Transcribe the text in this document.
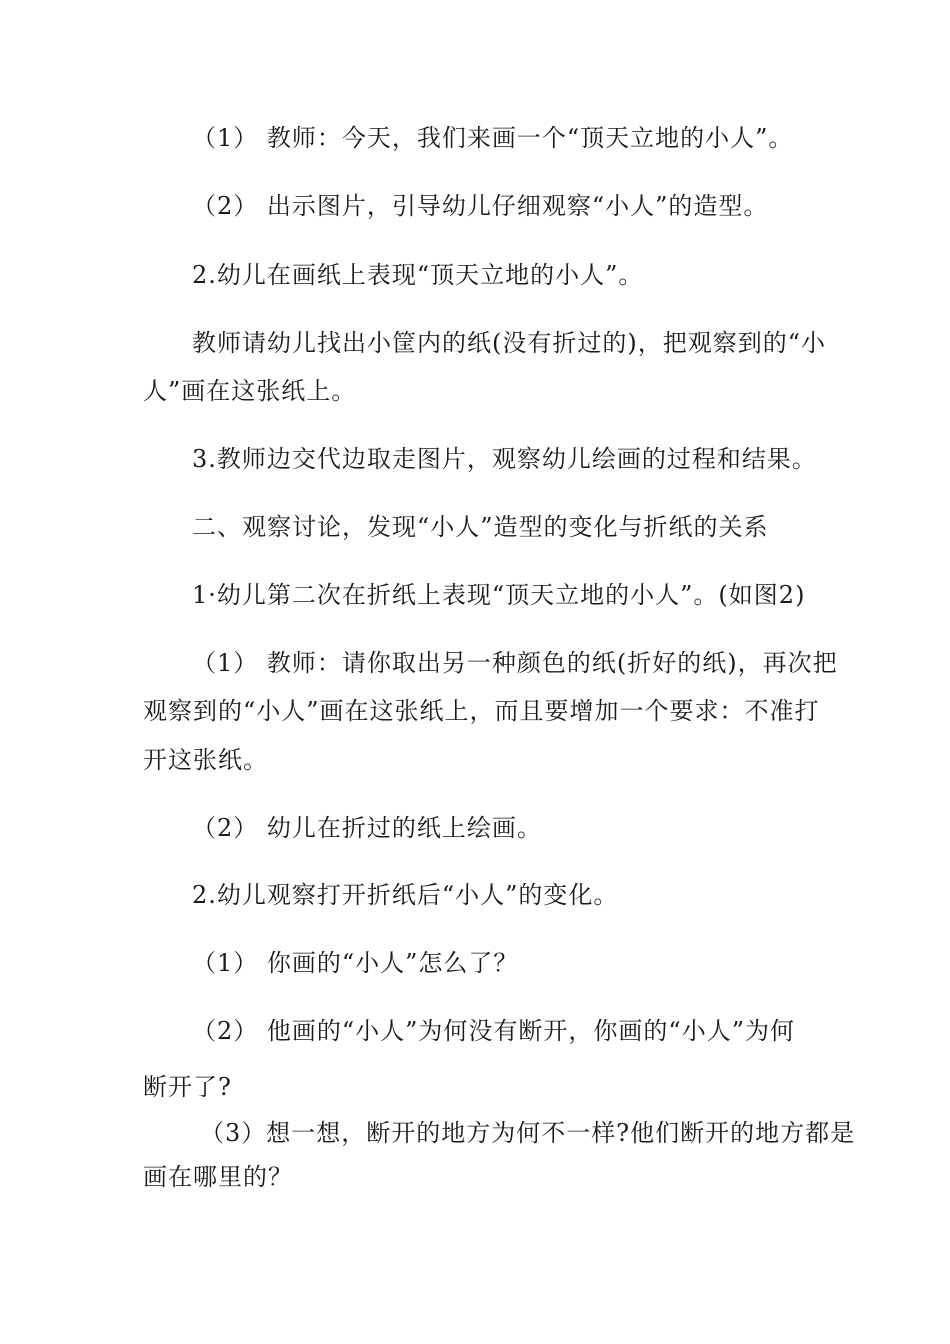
（1） 教师：今天，我们来画一个“顶天立地的小人”。
（2） 出示图片，引导幼儿仔细观察“小人”的造型。
2.幼儿在画纸上表现“顶天立地的小人”。
教师请幼儿找出小筐内的纸(没有折过的)，把观察到的“小
人”画在这张纸上。
3.教师边交代边取走图片，观察幼儿绘画的过程和结果。
二、观察讨论，发现“小人”造型的变化与折纸的关系
1·幼儿第二次在折纸上表现“顶天立地的小人”。(如图2)
（1） 教师：请你取出另一种颜色的纸(折好的纸)，再次把
观察到的“小人”画在这张纸上，而且要增加一个要求：不准打
开这张纸。
（2） 幼儿在折过的纸上绘画。
2.幼儿观察打开折纸后“小人”的变化。
（1） 你画的“小人”怎么了？
（2） 他画的“小人”为何没有断开，你画的“小人”为何
断开了?
（3）想一想，断开的地方为何不一样?他们断开的地方都是
画在哪里的？
